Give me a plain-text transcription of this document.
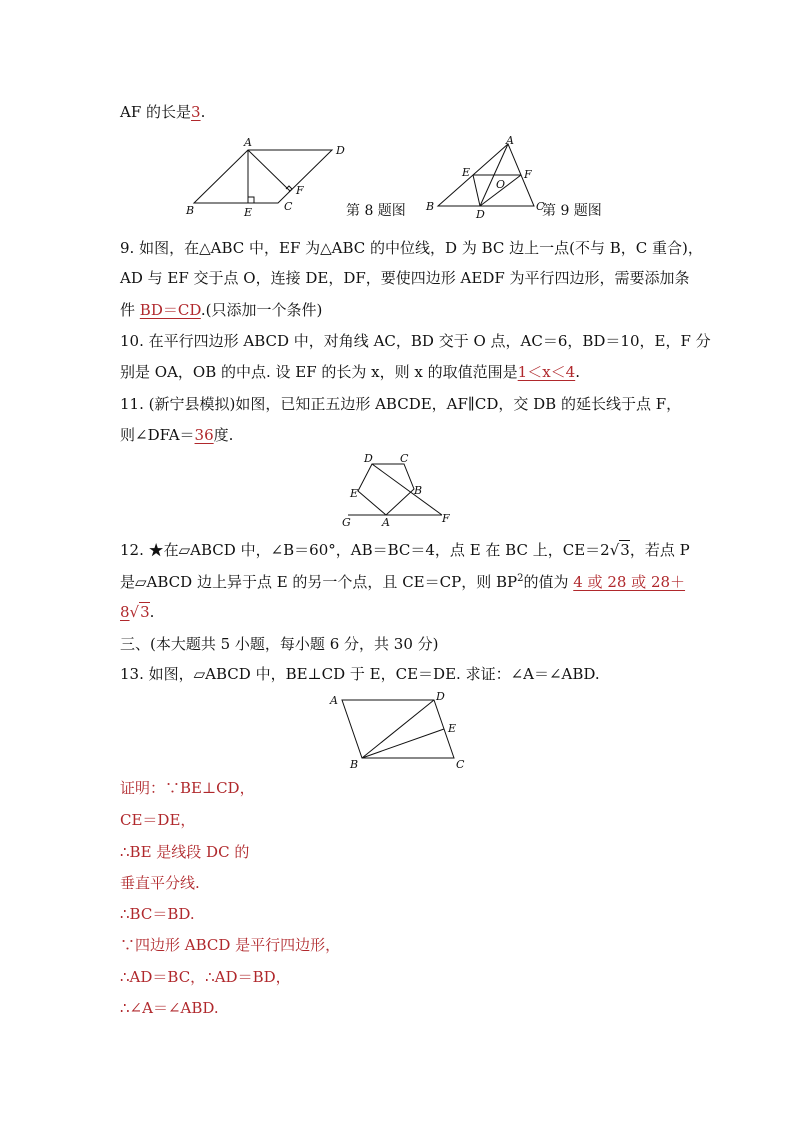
AF 的长是3.
A
D
B	E	C
F
第 8 题图
A
E	F
O
B
D
C
第 9 题图
9. 如图，在△ABC 中，EF 为△ABC 的中位线，D 为 BC 边上一点(不与 B，C 重合)，
AD 与 EF 交于点 O，连接 DE，DF，要使四边形 AEDF 为平行四边形，需要添加条
件 BD＝CD.(只添加一个条件)
10. 在平行四边形 ABCD 中，对角线 AC，BD 交于 O 点，AC＝6，BD＝10，E，F 分
别是 OA，OB 的中点. 设 EF 的长为 x，则 x 的取值范围是1＜x＜4.
11. (新宁县模拟)如图，已知正五边形 ABCDE，AF∥CD，交 DB 的延长线于点 F，
则∠DFA＝36度.
D C
E	B
G	A	F
12. ★在▱ABCD 中，∠B＝60°，AB＝BC＝4，点 E 在 BC 上，CE＝2√3，若点 P
是▱ABCD 边上异于点 E 的另一个点，且 CE＝CP，则 $BP^2$的值为 4 或 28 或 28＋
8√3.
三、(本大题共 5 小题，每小题 6 分，共 30 分)
13. 如图，▱ABCD 中，BE⊥CD 于 E，CE＝DE. 求证：∠A＝∠ABD.
A	D
E
B	C
证明：∵BE⊥CD，
CE＝DE，
∴BE 是线段 DC 的
垂直平分线.
∴BC＝BD.
∵四边形 ABCD 是平行四边形，
∴AD＝BC，∴AD＝BD，
∴∠A＝∠ABD.
